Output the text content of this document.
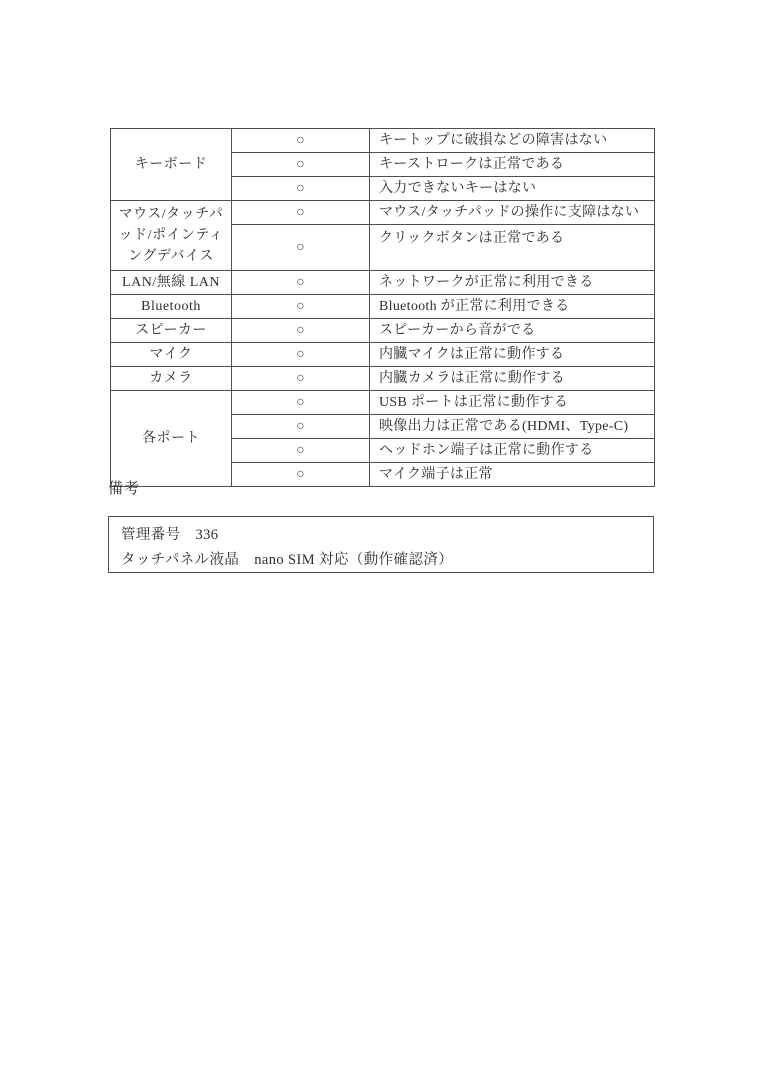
キーボード	○	キートップに破損などの障害はない
	○	キーストロークは正常である
	○	入力できないキーはない
マウス/タッチパッド/ポインティングデバイス	○	マウス/タッチパッドの操作に支障はない
	○	クリックボタンは正常である
LAN/無線 LAN	○	ネットワークが正常に利用できる
Bluetooth	○	Bluetooth が正常に利用できる
スピーカー	○	スピーカーから音がでる
マイク	○	内臓マイクは正常に動作する
カメラ	○	内臓カメラは正常に動作する
各ポート	○	USB ポートは正常に動作する
	○	映像出力は正常である(HDMI、Type-C)
	○	ヘッドホン端子は正常に動作する
	○	マイク端子は正常
備考
管理番号　336
タッチパネル液晶　nano SIM 対応（動作確認済）
